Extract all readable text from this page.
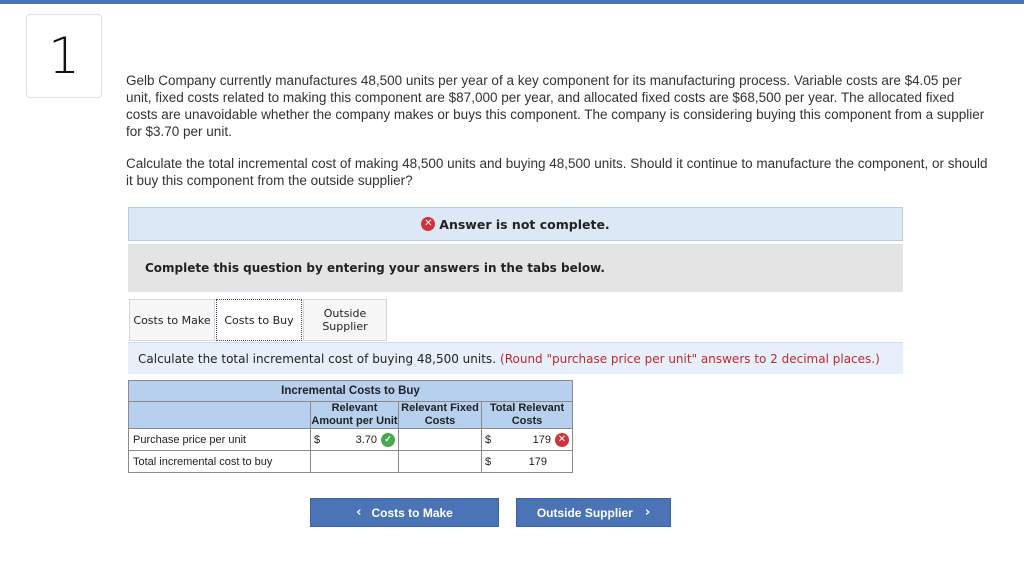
1	Gelb Company currently manufactures 48,500 units per year of a key component for its manufacturing process. Variable costs are $4.05 per unit, fixed costs related to making this component are $87,000 per year, and allocated fixed costs are $68,500 per year. The allocated fixed costs are unavoidable whether the company makes or buys this component. The company is considering buying this component from a supplier for $3.70 per unit.
Calculate the total incremental cost of making 48,500 units and buying 48,500 units. Should it continue to manufacture the component, or should it buy this component from the outside supplier?
✕ Answer is not complete.
Complete this question by entering your answers in the tabs below.
Costs to Make	Costs to Buy	Outside Supplier
Calculate the total incremental cost of buying 48,500 units. (Round "purchase price per unit" answers to 2 decimal places.)
Incremental Costs to Buy			
	Relevant Amount per Unit	Relevant Fixed Costs	Total Relevant Costs
Purchase price per unit	$ 3.70 ✓		$ 179 ✕

Total incremental cost to buy			$ 179
‹ Costs to Make	Outside Supplier ›
